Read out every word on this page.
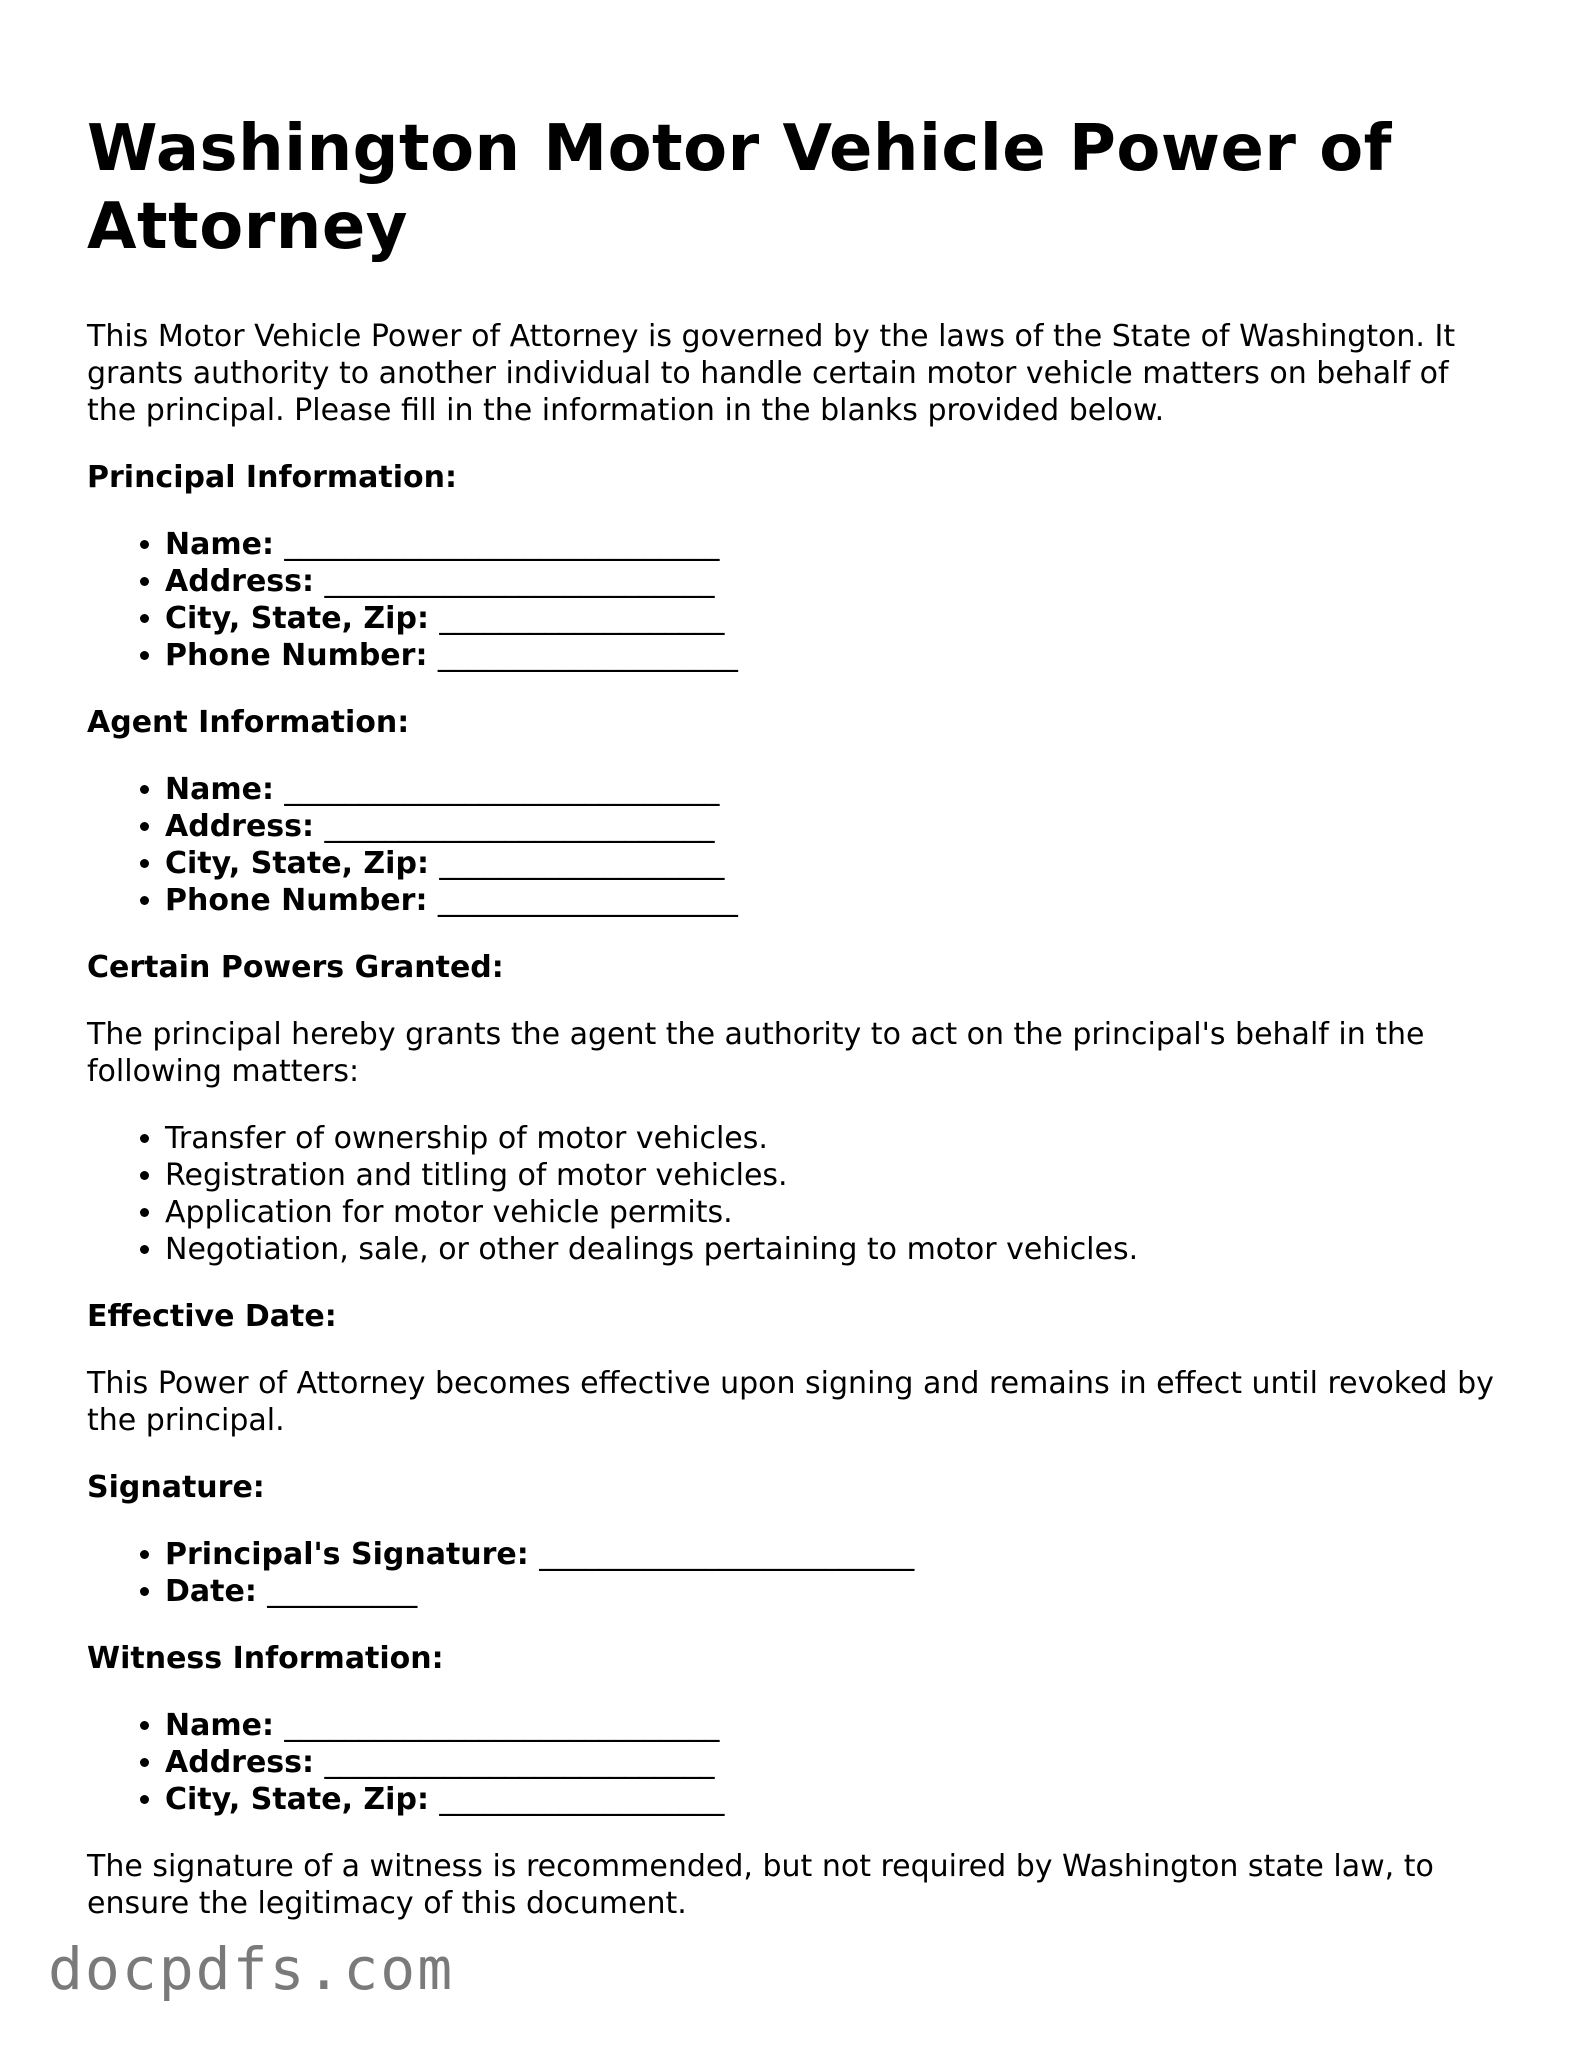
Washington Motor Vehicle Power of Attorney

This Motor Vehicle Power of Attorney is governed by the laws of the State of Washington. It grants authority to another individual to handle certain motor vehicle matters on behalf of the principal. Please fill in the information in the blanks provided below.

Principal Information:
• Name: _____________________________
• Address: __________________________
• City, State, Zip: ___________________
• Phone Number: ____________________
Agent Information:
• Name: _____________________________
• Address: __________________________
• City, State, Zip: ___________________
• Phone Number: ____________________
Certain Powers Granted:

The principal hereby grants the agent the authority to act on the principal's behalf in the following matters:

• Transfer of ownership of motor vehicles.
• Registration and titling of motor vehicles.
• Application for motor vehicle permits.
• Negotiation, sale, or other dealings pertaining to motor vehicles.
Effective Date:

This Power of Attorney becomes effective upon signing and remains in effect until revoked by the principal.

Signature:
• Principal's Signature: _________________________
• Date: __________
Witness Information:
• Name: _____________________________
• Address: __________________________
• City, State, Zip: ___________________

The signature of a witness is recommended, but not required by Washington state law, to ensure the legitimacy of this document.

docpdfs.com
